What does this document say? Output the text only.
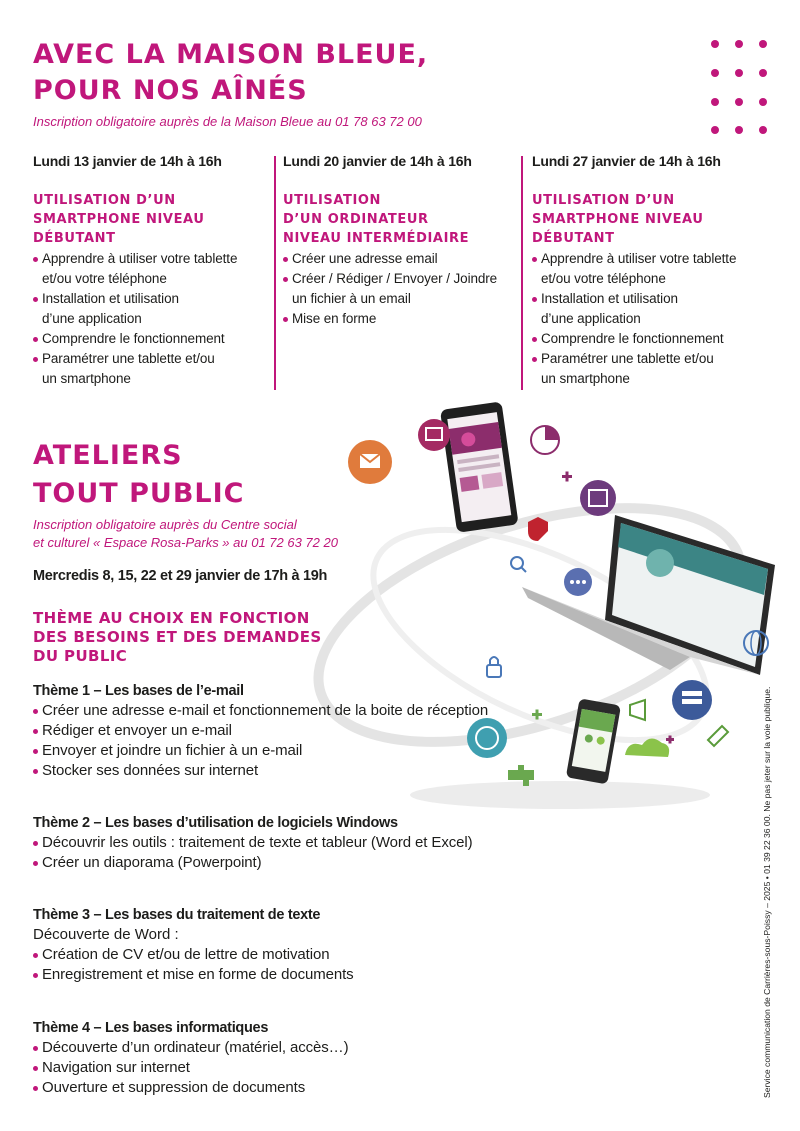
AVEC LA MAISON BLEUE,
POUR NOS AÎNÉS

Inscription obligatoire auprès de la Maison Bleue au 01 78 63 72 00

Lundi 13 janvier de 14h à 16h

UTILISATION D’UN
SMARTPHONE NIVEAU
DÉBUTANT
Apprendre à utiliser votre tablette
et/ou votre téléphone
Installation et utilisation
d’une application
Comprendre le fonctionnement
Paramétrer une tablette et/ou
un smartphone

Lundi 20 janvier de 14h à 16h

UTILISATION
D’UN ORDINATEUR
NIVEAU INTERMÉDIAIRE
Créer une adresse email
Créer / Rédiger / Envoyer / Joindre
un fichier à un email
Mise en forme

Lundi 27 janvier de 14h à 16h

UTILISATION D’UN
SMARTPHONE NIVEAU
DÉBUTANT
Apprendre à utiliser votre tablette
et/ou votre téléphone
Installation et utilisation
d’une application
Comprendre le fonctionnement
Paramétrer une tablette et/ou
un smartphone
ATELIERS
TOUT PUBLIC

Inscription obligatoire auprès du Centre social

et culturel « Espace Rosa-Parks » au 01 72 63 72 20

Mercredis 8, 15, 22 et 29 janvier de 17h à 19h

THÈME AU CHOIX EN FONCTION
DES BESOINS ET DES DEMANDES
DU PUBLIC

Thème 1 – Les bases de l’e-mail

Créer une adresse e-mail et fonctionnement de la boite de réception
Rédiger et envoyer un e-mail
Envoyer et joindre un fichier à un e-mail
Stocker ses données sur internet

Thème 2 – Les bases d’utilisation de logiciels Windows

Découvrir les outils : traitement de texte et tableur (Word et Excel)
Créer un diaporama (Powerpoint)

Thème 3 – Les bases du traitement de texte

Découverte de Word :

Création de CV et/ou de lettre de motivation
Enregistrement et mise en forme de documents

Thème 4 – Les bases informatiques

Découverte d’un ordinateur (matériel, accès…)
Navigation sur internet
Ouverture et suppression de documents	Service communication de Carrières-sous-Poissy – 2025 • 01 39 22 36 00. Ne pas jeter sur la voie publique.
